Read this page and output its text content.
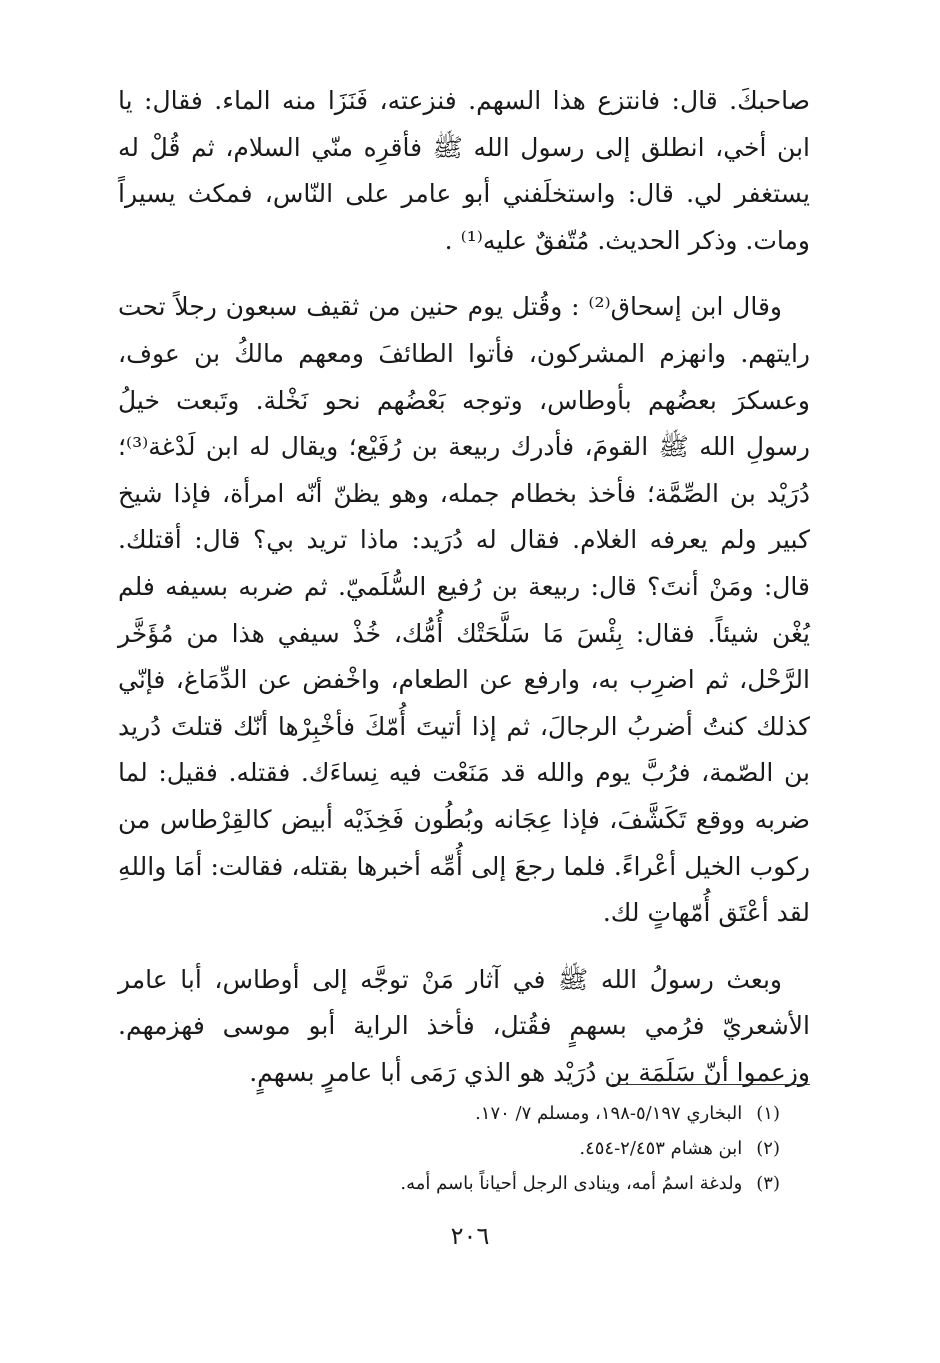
صاحبكَ. قال: فانتزع هذا السهم. فنزعته، فَنَزَا منه الماء. فقال: يا ابن أخي، انطلق إلى رسول الله ﷺ فأقرِه منّي السلام، ثم قُلْ له يستغفر لي. قال: واستخلَفني أبو عامر على النّاس، فمكث يسيراً ومات. وذكر الحديث. مُتّفقٌ عليه⁽¹⁾ .

وقال ابن إسحاق⁽²⁾ : وقُتل يوم حنين من ثقيف سبعون رجلاً تحت رايتهم. وانهزم المشركون، فأتوا الطائفَ ومعهم مالكُ بن عوف، وعسكرَ بعضُهم بأوطاس، وتوجه بَعْضُهم نحو نَخْلة. وتَبعت خيلُ رسولِ الله ﷺ القومَ، فأدرك ربيعة بن رُفَيْع؛ ويقال له ابن لَدْغة⁽³⁾؛ دُرَيْد بن الصِّمَّة؛ فأخذ بخطام جمله، وهو يظنّ أنّه امرأة، فإذا شيخ كبير ولم يعرفه الغلام. فقال له دُرَيد: ماذا تريد بي؟ قال: أقتلك. قال: ومَنْ أنتَ؟ قال: ربيعة بن رُفيع السُّلَميّ. ثم ضربه بسيفه فلم يُغْن شيئاً. فقال: بِئْسَ مَا سَلَّحَتْك أُمُّك، خُذْ سيفي هذا من مُؤَخَّر الرَّحْل، ثم اضرِب به، وارفع عن الطعام، واخْفض عن الدِّمَاغ، فإنّي كذلك كنتُ أضربُ الرجالَ، ثم إذا أتيتَ أُمّكَ فأخْبِرْها أنّك قتلتَ دُريد بن الصّمة، فرُبَّ يوم والله قد مَنَعْت فيه نِساءَك. فقتله. فقيل: لما ضربه ووقع تَكَشَّفَ، فإذا عِجَانه وبُطُون فَخِذَيْه أبيض كالقِرْطاس من ركوب الخيل أعْراءً. فلما رجعَ إلى أُمِّه أخبرها بقتله، فقالت: أمَا واللهِ لقد أعْتَق أُمّهاتٍ لك.

وبعث رسولُ الله ﷺ في آثار مَنْ توجَّه إلى أوطاس، أبا عامر الأشعريّ فرُمي بسهمٍ فقُتل، فأخذ الراية أبو موسى فهزمهم. وزعموا أنّ سَلَمَة بن دُرَيْد هو الذي رَمَى أبا عامرٍ بسهمٍ.

(١)البخاري ٥/١٩٧-١٩٨، ومسلم ٧/ ١٧٠.
(٢)ابن هشام ٢/٤٥٣-٤٥٤.
(٣)ولدغة اسمُ أمه، وينادى الرجل أحياناً باسم أمه.
٢٠٦
